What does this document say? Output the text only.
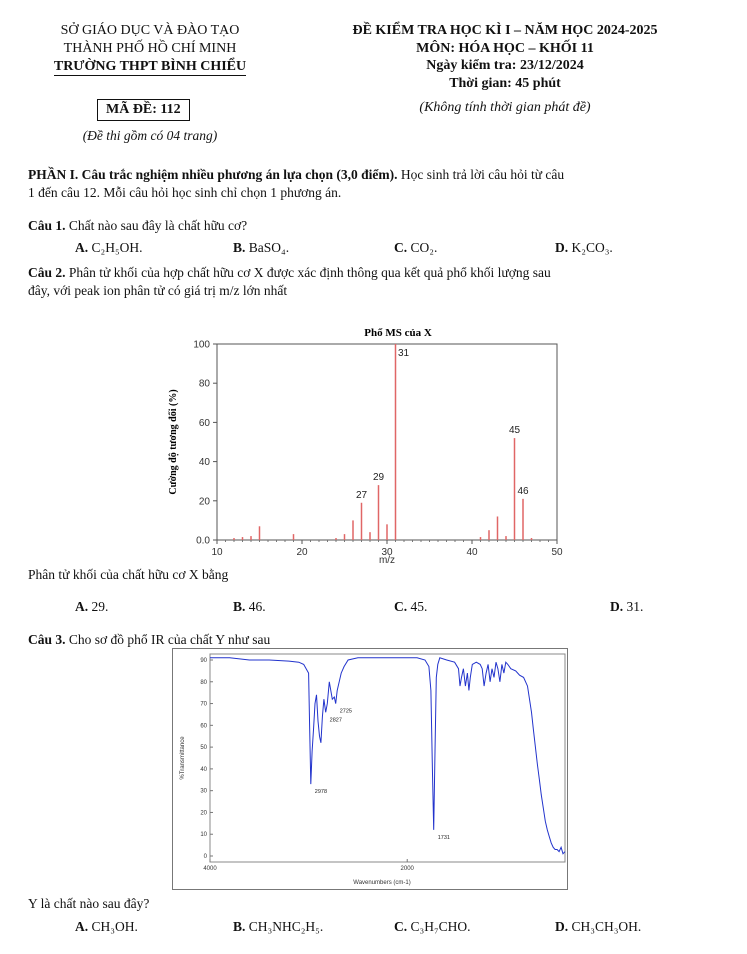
SỞ GIÁO DỤC VÀ ĐÀO TẠO
THÀNH PHỐ HỒ CHÍ MINH
TRƯỜNG THPT BÌNH CHIỂU
MÃ ĐỀ: 112
(Đề thi gồm có 04 trang)
ĐỀ KIỂM TRA HỌC KÌ I – NĂM HỌC 2024-2025
MÔN: HÓA HỌC – KHỐI 11
Ngày kiểm tra: 23/12/2024
Thời gian: 45 phút
(Không tính thời gian phát đề)
PHẦN I. Câu trắc nghiệm nhiều phương án lựa chọn (3,0 điểm). Học sinh trả lời câu hỏi từ câu
1 đến câu 12. Mỗi câu hỏi học sinh chỉ chọn 1 phương án.
Câu 1. Chất nào sau đây là chất hữu cơ?
A. C₂H₅OH.	B. BaSO₄.	C. CO₂.	D. K₂CO₃.
Câu 2. Phân tử khối của hợp chất hữu cơ X được xác định thông qua kết quả phổ khối lượng sau
đây, với peak ion phân tử có giá trị m/z lớn nhất
Phổ MS của X
0.0
20
40
60
80
100
10	20	30	40	50
27
29
31
45
46
m/z
Cường độ tương đối (%)
Phân tử khối của chất hữu cơ X bằng
A. 29.	B. 46.	C. 45.	D. 31.
Câu 3. Cho sơ đồ phổ IR của chất Y như sau
0
10
20
30
40
50
60
70
80
90
4000	2000
2978
2827
2725
1731
Wavenumbers (cm-1)
%Transmittance
Y là chất nào sau đây?
A. CH₃OH.	B. CH₃NHC₂H₅.	C. C₃H₇CHO.	D. CH₃CH₃OH.
